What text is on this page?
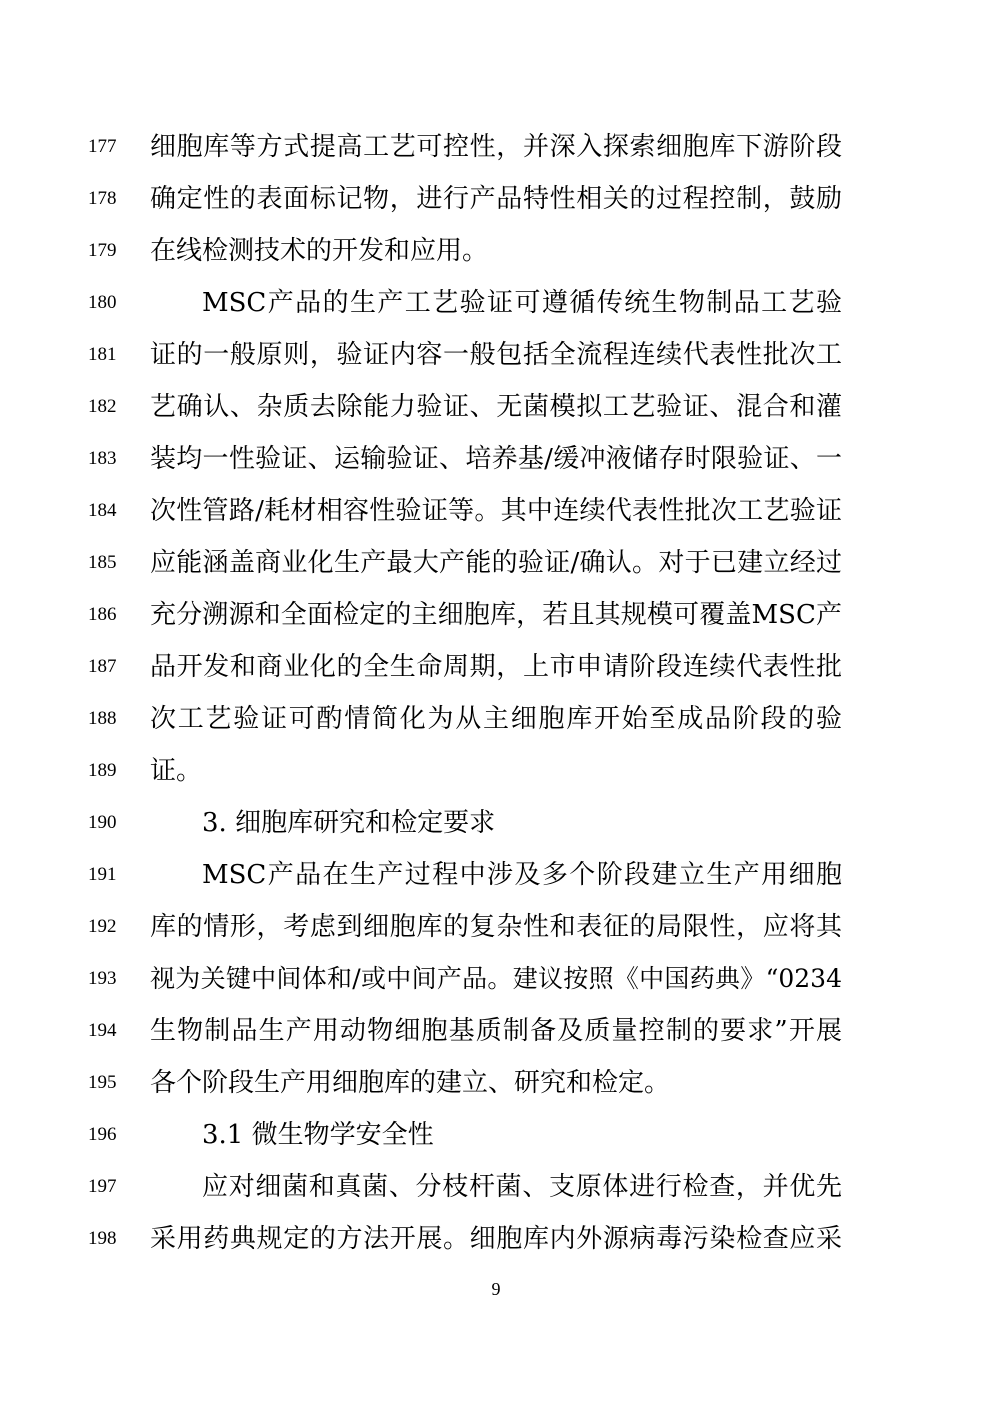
177	细胞库等方式提高工艺可控性，并深入探索细胞库下游阶段
178	确定性的表面标记物，进行产品特性相关的过程控制，鼓励
179	在线检测技术的开发和应用。
180	MSC产品的生产工艺验证可遵循传统生物制品工艺验
181	证的一般原则，验证内容一般包括全流程连续代表性批次工
182	艺确认、杂质去除能力验证、无菌模拟工艺验证、混合和灌
183	装均一性验证、运输验证、培养基/缓冲液储存时限验证、一
184	次性管路/耗材相容性验证等。其中连续代表性批次工艺验证
185	应能涵盖商业化生产最大产能的验证/确认。对于已建立经过
186	充分溯源和全面检定的主细胞库，若且其规模可覆盖MSC产
187	品开发和商业化的全生命周期，上市申请阶段连续代表性批
188	次工艺验证可酌情简化为从主细胞库开始至成品阶段的验
189	证。
190	3. 细胞库研究和检定要求
191	MSC产品在生产过程中涉及多个阶段建立生产用细胞
192	库的情形，考虑到细胞库的复杂性和表征的局限性，应将其
193	视为关键中间体和/或中间产品。建议按照《中国药典》“0234
194	生物制品生产用动物细胞基质制备及质量控制的要求”开展
195	各个阶段生产用细胞库的建立、研究和检定。
196	3.1 微生物学安全性
197	应对细菌和真菌、分枝杆菌、支原体进行检查，并优先
198	采用药典规定的方法开展。细胞库内外源病毒污染检查应采
9
